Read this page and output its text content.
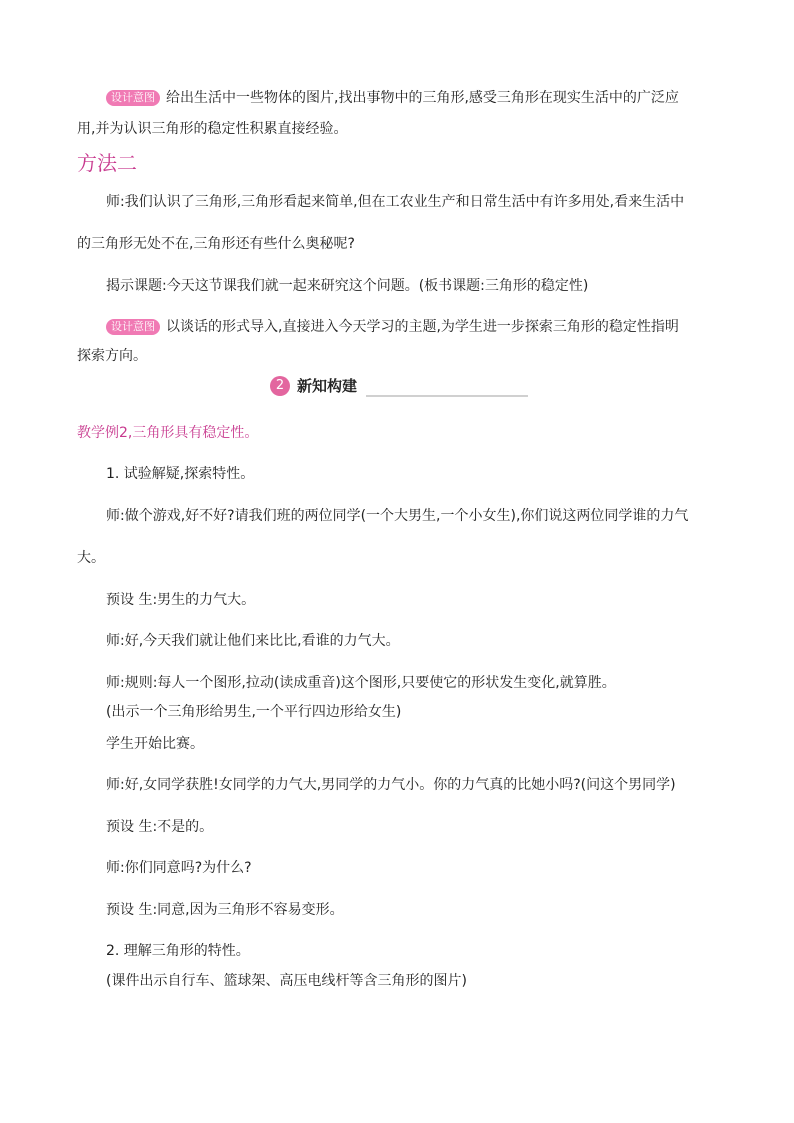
设计意图 给出生活中一些物体的图片,找出事物中的三角形,感受三角形在现实生活中的广泛应
用,并为认识三角形的稳定性积累直接经验。
方法二
师:我们认识了三角形,三角形看起来简单,但在工农业生产和日常生活中有许多用处,看来生活中
的三角形无处不在,三角形还有些什么奥秘呢?
揭示课题:今天这节课我们就一起来研究这个问题。(板书课题:三角形的稳定性)
设计意图 以谈话的形式导入,直接进入今天学习的主题,为学生进一步探索三角形的稳定性指明
探索方向。
2 新知构建
教学例2,三角形具有稳定性。
1. 试验解疑,探索特性。
师:做个游戏,好不好?请我们班的两位同学(一个大男生,一个小女生),你们说这两位同学谁的力气
大。
预设 生:男生的力气大。
师:好,今天我们就让他们来比比,看谁的力气大。
师:规则:每人一个图形,拉动(读成重音)这个图形,只要使它的形状发生变化,就算胜。
(出示一个三角形给男生,一个平行四边形给女生)
学生开始比赛。
师:好,女同学获胜!女同学的力气大,男同学的力气小。你的力气真的比她小吗?(问这个男同学)
预设 生:不是的。
师:你们同意吗?为什么?
预设 生:同意,因为三角形不容易变形。
2. 理解三角形的特性。
(课件出示自行车、篮球架、高压电线杆等含三角形的图片)
